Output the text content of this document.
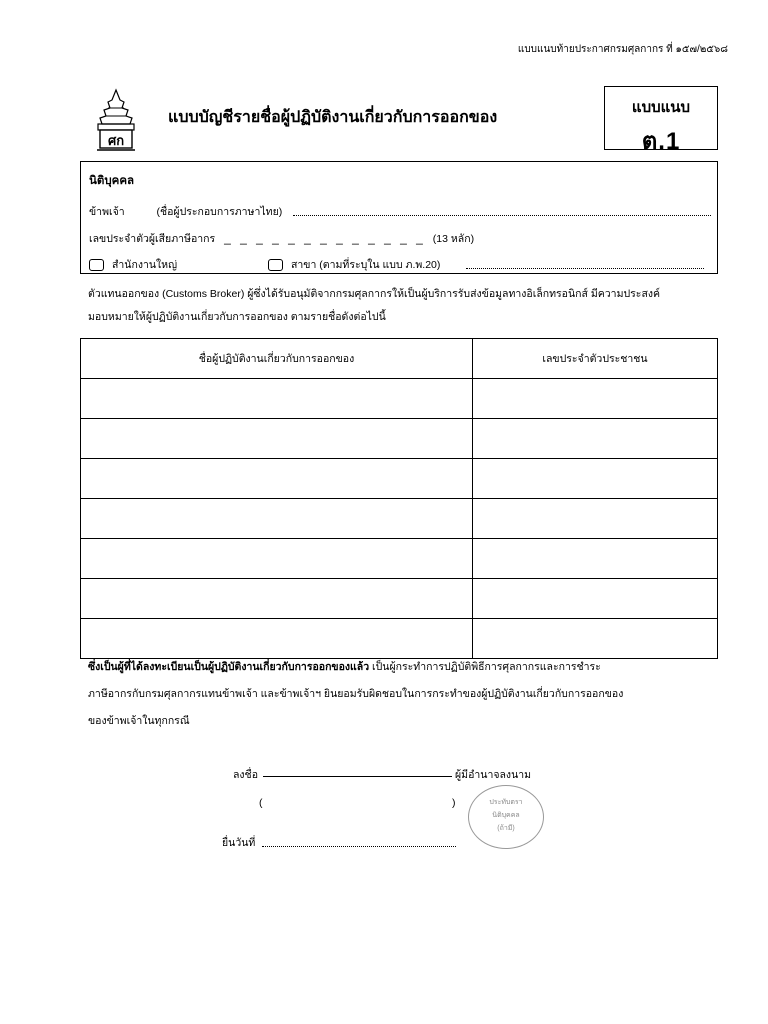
แบบแนบท้ายประกาศกรมศุลกากร ที่ ๑๕๗/๒๕๖๘
ศก
แบบบัญชีรายชื่อผู้ปฏิบัติงานเกี่ยวกับการออกของ
แบบแนบ
ต.1
นิติบุคคล
ข้าพเจ้า	(ชื่อผู้ประกอบการภาษาไทย)
เลขประจำตัวผู้เสียภาษีอากร _ _ _ _ _ _ _ _ _ _ _ _ _ (13 หลัก)
สำนักงานใหญ่	สาขา (ตามที่ระบุใน แบบ ภ.พ.20)
ตัวแทนออกของ (Customs Broker) ผู้ซึ่งได้รับอนุมัติจากกรมศุลกากรให้เป็นผู้บริการรับส่งข้อมูลทางอิเล็กทรอนิกส์ มีความประสงค์
มอบหมายให้ผู้ปฏิบัติงานเกี่ยวกับการออกของ ตามรายชื่อดังต่อไปนี้
ชื่อผู้ปฏิบัติงานเกี่ยวกับการออกของ	เลขประจำตัวประชาชน

ซึ่งเป็นผู้ที่ได้ลงทะเบียนเป็นผู้ปฏิบัติงานเกี่ยวกับการออกของแล้ว เป็นผู้กระทำการปฏิบัติพิธีการศุลกากรและการชำระ
ภาษีอากรกับกรมศุลกากรแทนข้าพเจ้า และข้าพเจ้าฯ ยินยอมรับผิดชอบในการกระทำของผู้ปฏิบัติงานเกี่ยวกับการออกของ
ของข้าพเจ้าในทุกกรณี
ลงชื่อ	ผู้มีอำนาจลงนาม
(	)
ยื่นวันที่
ประทับตรา
นิติบุคคล
(ถ้ามี)
